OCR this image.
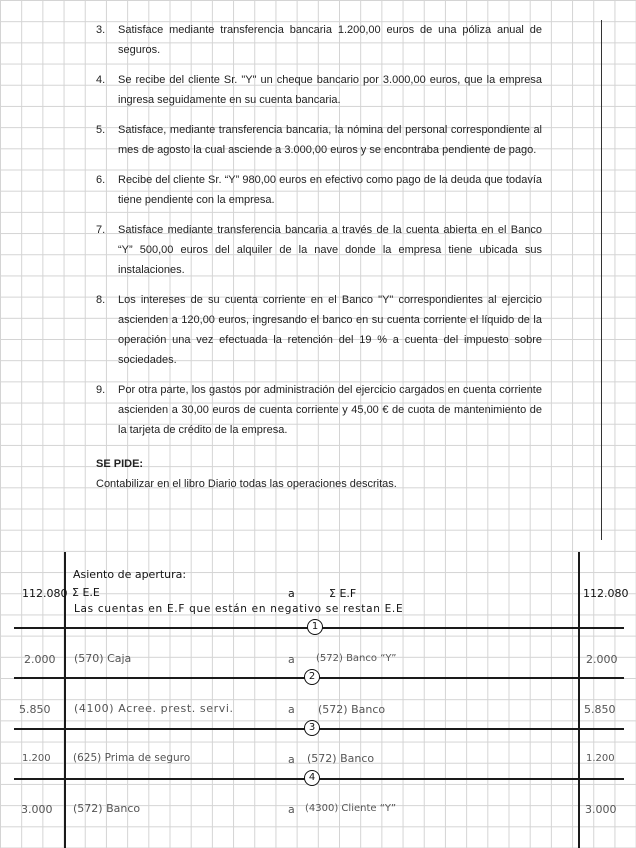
3.	Satisface mediante transferencia bancaria 1.200,00 euros de una póliza anual de seguros.
4.	Se recibe del cliente Sr. "Y" un cheque bancario por 3.000,00 euros, que la empresa ingresa seguidamente en su cuenta bancaria.
5.	Satisface, mediante transferencia bancaria, la nómina del personal correspondiente al mes de agosto la cual asciende a 3.000,00 euros y se encontraba pendiente de pago.
6.	Recibe del cliente Sr. “Y” 980,00 euros en efectivo como pago de la deuda que todavía tiene pendiente con la empresa.
7.	Satisface mediante transferencia bancaria a través de la cuenta abierta en el Banco “Y” 500,00 euros del alquiler de la nave donde la empresa tiene ubicada sus instalaciones.
8.	Los intereses de su cuenta corriente en el Banco "Y" correspondientes al ejercicio ascienden a 120,00 euros, ingresando el banco en su cuenta corriente el líquido de la operación una vez efectuada la retención del 19 % a cuenta del impuesto sobre sociedades.
9.	Por otra parte, los gastos por administración del ejercicio cargados en cuenta corriente ascienden a 30,00 euros de cuenta corriente y 45,00 € de cuota de mantenimiento de la tarjeta de crédito de la empresa.
SE PIDE:
Contabilizar en el libro Diario todas las operaciones descritas.
1
2
3
4
Asiento de apertura:
112.080 Σ E.E	a	Σ E.F	112.080
Las cuentas en E.F que están en negativo se restan E.E
2.000 (570) Caja	a (572) Banco “Y”	2.000
5.850 (4100) Acree. prest. servi.	a (572) Banco	5.850
1.200 (625) Prima de seguro	a (572) Banco	1.200
3.000 (572) Banco	a (4300) Cliente “Y”	3.000
